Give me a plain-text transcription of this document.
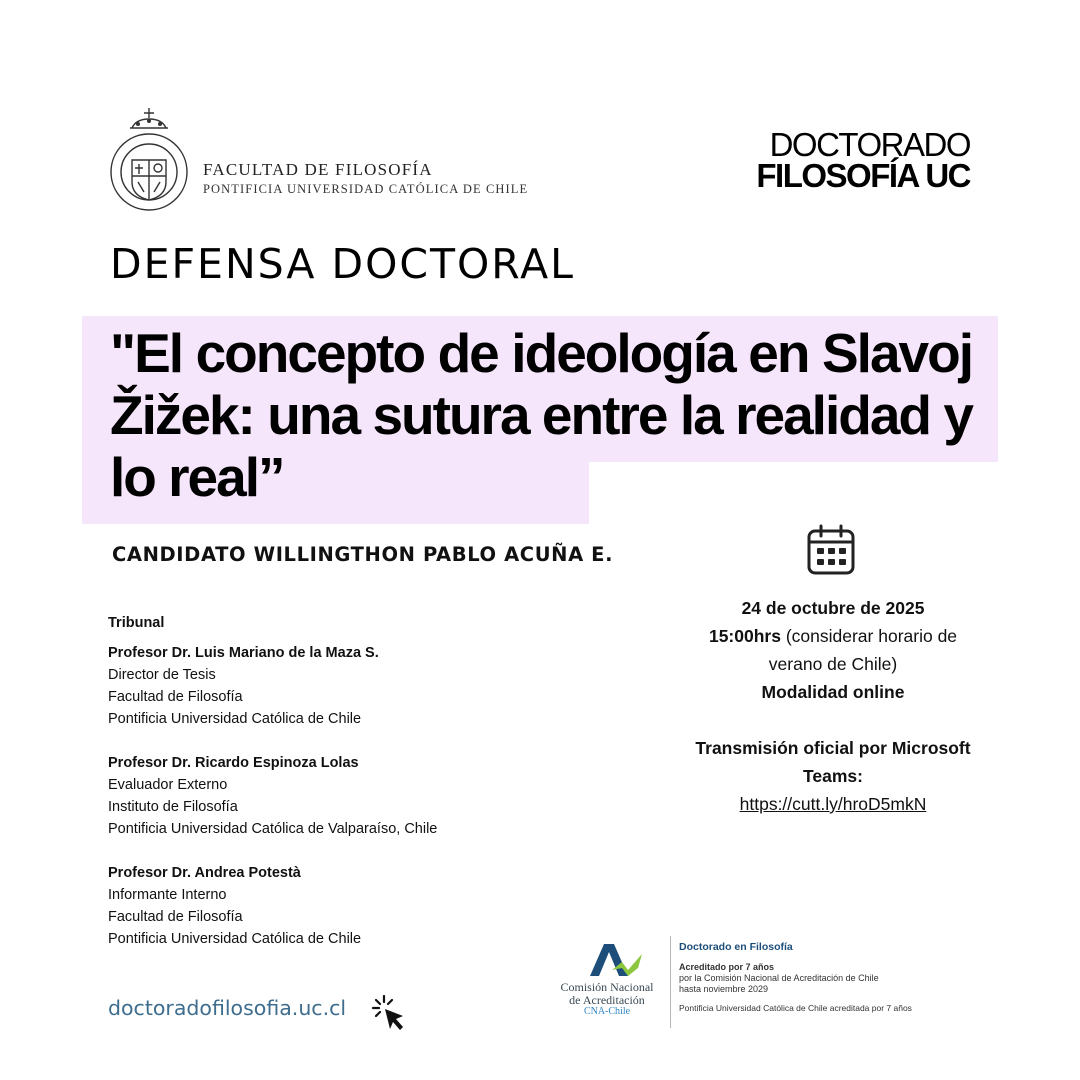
FACULTAD DE FILOSOFÍA
PONTIFICIA UNIVERSIDAD CATÓLICA DE CHILE
DOCTORADO
FILOSOFÍA UC
DEFENSA DOCTORAL
"El concepto de ideología en Slavoj Žižek: una sutura entre la realidad y lo real”
CANDIDATO WILLINGTHON PABLO ACUÑA E.
Tribunal
Profesor Dr. Luis Mariano de la Maza S.
Director de Tesis
Facultad de Filosofía
Pontificia Universidad Católica de Chile
Profesor Dr. Ricardo Espinoza Lolas
Evaluador Externo
Instituto de Filosofía
Pontificia Universidad Católica de Valparaíso, Chile
Profesor Dr. Andrea Potestà
Informante Interno
Facultad de Filosofía
Pontificia Universidad Católica de Chile
24 de octubre de 2025
15:00hrs (considerar horario de verano de Chile)
Modalidad online
Transmisión oficial por Microsoft Teams:
https://cutt.ly/hroD5mkN
doctoradofilosofia.uc.cl
Comisión Nacional
de Acreditación
CNA-Chile
Doctorado en Filosofía
Acreditado por 7 años
por la Comisión Nacional de Acreditación de Chile
hasta noviembre 2029
Pontificia Universidad Católica de Chile acreditada por 7 años
